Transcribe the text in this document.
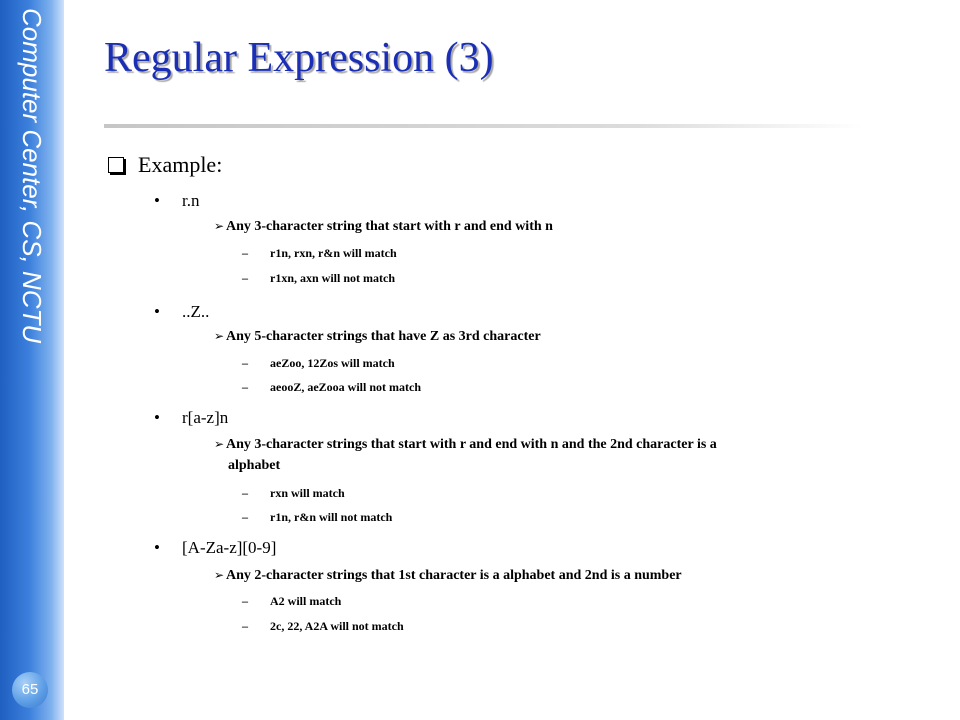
Computer Center, CS, NCTU
65
Regular Expression (3)
Example:
• r.n
➢ Any 3-character string that start with r and end with n
– r1n, rxn, r&n will match
– r1xn, axn will not match
• ..Z..
➢ Any 5-character strings that have Z as 3rd character
– aeZoo, 12Zos will match
– aeooZ, aeZooa will not match
• r[a-z]n
➢ Any 3-character strings that start with r and end with n and the 2nd character is a
alphabet
– rxn will match
– r1n, r&n will not match
• [A-Za-z][0-9]
➢ Any 2-character strings that 1st character is a alphabet and 2nd is a number
– A2 will match
– 2c, 22, A2A will not match
